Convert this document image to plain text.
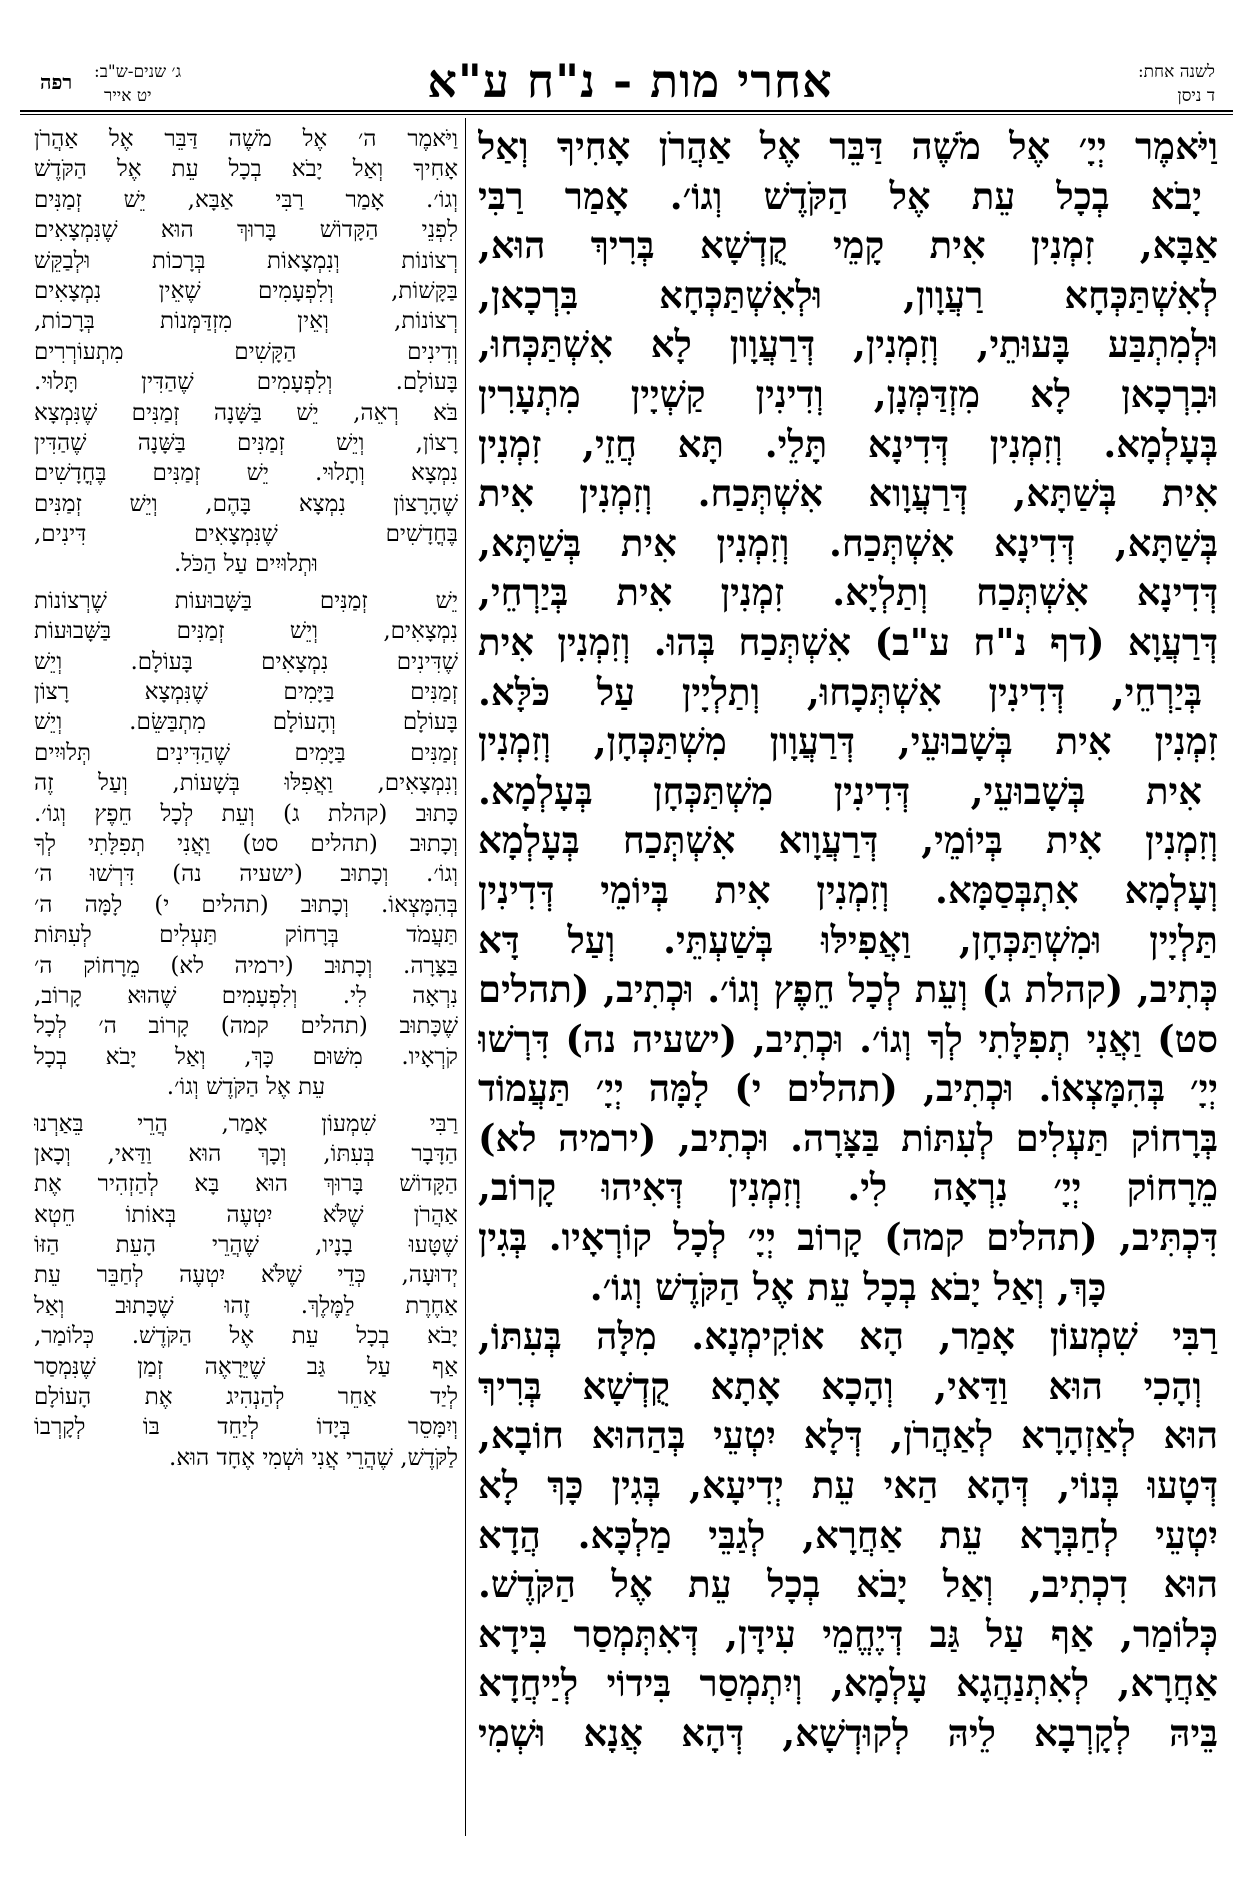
לשנה אחת:
ד ניסן
אחרי מות - נ"ח ע"א
ג׳ שנים-ש"ב:
יט אייר
רפה
וַיֹּאמֶר יְיָ׳ אֶל מֹשֶׁה דַּבֵּר אֶל אַהֲרֹן אָחִיךָ וְאַל
יָבֹא בְכָל עֵת אֶל הַקֹּדֶשׁ וְגוֹ׳. אָמַר רַבִּי
אַבָּא, זִמְנִין אִית קָמֵי קֻדְשָׁא בְּרִיךְ הוּא,
לְאִשְׁתַּכְּחָא רַעֲוָון, וּלְאִשְׁתַּכְּחָא בִּרְכָאן,
וּלְמִתְבַּע בָּעוּתֵי, וְזִמְנִין, דְּרַעֲוָון לָא אִשְׁתַּכְּחוּ,
וּבִרְכָאן לָא מִזְדַּמְּנָן, וְדִינִין קַשְׁיָין מִתְעָרִין
בְּעָלְמָא. וְזִמְנִין דְּדִינָא תָּלֵי. תָּא חֲזֵי, זִמְנִין
אִית בְּשַׁתָּא, דְּרַעֲוָוא אִשְׁתְּכַח. וְזִמְנִין אִית
בְּשַׁתָּא, דְּדִינָא אִשְׁתְּכַח. וְזִמְנִין אִית בְּשַׁתָּא,
דְּדִינָא אִשְׁתְּכַח וְתַלְיָא. זִמְנִין אִית בְּיַרְחֵי,
דְּרַעֲוָא (דף נ"ח ע"ב) אִשְׁתְּכַח בְּהוּ. וְזִמְנִין אִית
בְּיַרְחֵי, דְּדִינִין אִשְׁתְּכָחוּ, וְתַלְיָין עַל כֹּלָּא.
זִמְנִין אִית בְּשָׁבוּעֵי, דְּרַעֲוָון מִשְׁתַּכְּחָן, וְזִמְנִין
אִית בְּשָׁבוּעֵי, דְּדִינִין מִשְׁתַּכְּחָן בְּעָלְמָא.
וְזִמְנִין אִית בְּיוֹמֵי, דְּרַעֲוָוא אִשְׁתְּכַח בְּעָלְמָא
וְעָלְמָא אִתְבְּסַמָּא. וְזִמְנִין אִית בְּיוֹמֵי דְּדִינִין
תַּלְיָין וּמִשְׁתַּכְּחָן, וַאֲפִילּוּ בְּשַׁעְתֵּי. וְעַל דָּא
כְּתִיב, (קהלת ג) וְעֵת לְכָל חֵפֶץ וְגוֹ׳. וּכְתִיב, (תהלים
סט) וַאֲנִי תְפִלָּתִי לְךָ וְגוֹ׳. וּכְתִיב, (ישעיה נה) דִּרְשׁוּ
יְיָ׳ בְּהִמָּצְאוֹ. וּכְתִיב, (תהלים י) לָמָּה יְיָ׳ תַּעֲמוֹד
בְּרָחוֹק תַּעְלִים לְעִתּוֹת בַּצָּרָה. וּכְתִיב, (ירמיה לא)
מֵרָחוֹק יְיָ׳ נִרְאָה לִי. וְזִמְנִין דְּאִיהוּ קָרוֹב,
דִּכְתִּיב, (תהלים קמה) קָרוֹב יְיָ׳ לְכָל קוֹרְאָיו. בְּגִין
כָּךְ, וְאַל יָבֹא בְכָל עֵת אֶל הַקֹּדֶשׁ וְגוֹ׳.
רַבִּי שִׁמְעוֹן אָמַר, הָא אוֹקִימְנָא. מִלָּה בְּעִתּוֹ,
וְהָכִי הוּא וַדַּאי, וְהָכָא אָתָא קֻדְשָׁא בְּרִיךְ
הוּא לְאַזְהָרָא לְאַהֲרֹן, דְּלָא יִטְעֵי בְּהַהוּא חוֹבָא,
דְּטָעוּ בְּנוֹי, דְּהָא הַאי עֵת יְדִיעָא, בְּגִין כָּךְ לָא
יִטְעֵי לְחַבְּרָא עֵת אַחֲרָא, לְגַבֵּי מַלְכָּא. הֲדָא
הוּא דִכְתִיב, וְאַל יָבֹא בְכָל עֵת אֶל הַקֹּדֶשׁ.
כְּלוֹמַר, אַף עַל גַּב דְּיֶחֱמֵי עִידָּן, דְּאִתְּמְסַר בִּידָא
אַחֲרָא, לְאִתְנַהֲגָא עָלְמָא, וְיִתְמְסַר בִּידוֹי לְיַיחֲדָא
בֵּיהּ לְקָרְבָא לֵיהּ לְקוּדְשָׁא, דְּהָא אֲנָא וּשְׁמִי
וַיֹּאמֶר ה׳ אֶל מֹשֶׁה דַּבֵּר אֶל אַהֲרֹן
אָחִיךָ וְאַל יָבֹא בְכָל עֵת אֶל הַקֹּדֶשׁ
וְגוֹ׳. אָמַר רַבִּי אַבָּא, יֵשׁ זְמַנִּים
לִפְנֵי הַקָּדוֹשׁ בָּרוּךְ הוּא שֶׁנִּמְצָאִים
רְצוֹנוֹת וְנִמְצָאוֹת בְּרָכוֹת וּלְבַקֵּשׁ
בַּקָּשׁוֹת, וְלִפְעָמִים שֶׁאֵין נִמְצָאִים
רְצוֹנוֹת, וְאֵין מִזְדַּמְּנוֹת בְּרָכוֹת,
וְדִינִים הַקָּשִׁים מִתְעוֹרְרִים
בָּעוֹלָם. וְלִפְעָמִים שֶׁהַדִּין תָּלוּי.
בֹּא רְאֵה, יֵשׁ בַּשָּׁנָה זְמַנִּים שֶׁנִּמְצָא
רָצוֹן, וְיֵשׁ זְמַנִּים בַּשָּׁנָה שֶׁהַדִּין
נִמְצָא וְתָלוּי. יֵשׁ זְמַנִּים בֶּחֳדָשִׁים
שֶׁהָרָצוֹן נִמְצָא בָּהֶם, וְיֵשׁ זְמַנִּים
בֶּחֳדָשִׁים שֶׁנִּמְצָאִים דִּינִים,
וּתְלוּיִים עַל הַכֹּל.
יֵשׁ זְמַנִּים בַּשָּׁבוּעוֹת שֶׁרְצוֹנוֹת
נִמְצָאִים, וְיֵשׁ זְמַנִּים בַּשָּׁבוּעוֹת
שֶׁדִּינִים נִמְצָאִים בָּעוֹלָם. וְיֵשׁ
זְמַנִּים בַּיָּמִים שֶׁנִּמְצָא רָצוֹן
בָּעוֹלָם וְהָעוֹלָם מִתְבַּשֵּׂם. וְיֵשׁ
זְמַנִּים בַּיָּמִים שֶׁהַדִּינִים תְּלוּיִים
וְנִמְצָאִים, וַאֲפִלּוּ בְּשָׁעוֹת, וְעַל זֶה
כָּתוּב (קהלת ג) וְעֵת לְכָל חֵפֶץ וְגוֹ׳.
וְכָתוּב (תהלים סט) וַאֲנִי תְפִלָּתִי לְךָ
וְגוֹ׳. וְכָתוּב (ישעיה נה) דִּרְשׁוּ ה׳
בְּהִמָּצְאוֹ. וְכָתוּב (תהלים י) לָמָּה ה׳
תַּעֲמֹד בְּרָחוֹק תַּעְלִים לְעִתּוֹת
בַּצָּרָה. וְכָתוּב (ירמיה לא) מֵרָחוֹק ה׳
נִרְאָה לִי. וְלִפְעָמִים שֶׁהוּא קָרוֹב,
שֶׁכָּתוּב (תהלים קמה) קָרוֹב ה׳ לְכָל
קֹרְאָיו. מִשּׁוּם כָּךְ, וְאַל יָבֹא בְכָל
עֵת אֶל הַקֹּדֶשׁ וְגוֹ׳.
רַבִּי שִׁמְעוֹן אָמַר, הֲרֵי בֵּאַרְנוּ
הַדָּבָר בְּעִתּוֹ, וְכָךְ הוּא וַדַּאי, וְכָאן
הַקָּדוֹשׁ בָּרוּךְ הוּא בָּא לְהַזְהִיר אֶת
אַהֲרֹן שֶׁלֹּא יִטְעֶה בְּאוֹתוֹ חֵטְא
שֶׁטָּעוּ בָנָיו, שֶׁהֲרֵי הָעֵת הַזּוֹ
יְדוּעָה, כְּדֵי שֶׁלֹּא יִטְעֶה לְחַבֵּר עֵת
אַחֶרֶת לַמֶּלֶךְ. זֶהוּ שֶׁכָּתוּב וְאַל
יָבֹא בְכָל עֵת אֶל הַקֹּדֶשׁ. כְּלוֹמַר,
אַף עַל גַּב שֶׁיֵּרָאֶה זְמַן שֶׁנִּמְסַר
לְיַד אַחֵר לְהַנְהִיג אֶת הָעוֹלָם
וְיִמָּסֵר בְּיָדוֹ לְיַחֵד בּוֹ לְקָרְבוֹ
לַקֹּדֶשׁ, שֶׁהֲרֵי אֲנִי וּשְׁמִי אֶחָד הוּא.
